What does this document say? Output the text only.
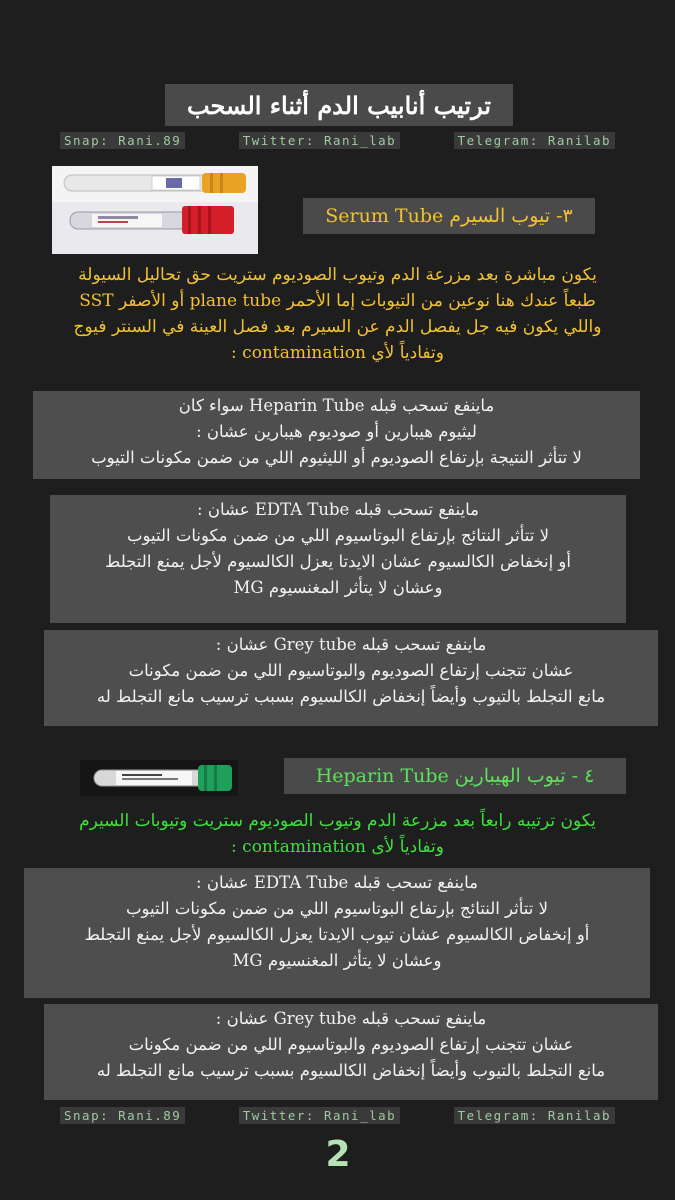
ترتيب أنابيب الدم أثناء السحب
Snap: Rani.89	Twitter: Rani_lab	Telegram: Ranilab
٣- تيوب السيرم Serum Tube
يكون مباشرة بعد مزرعة الدم وتيوب الصوديوم ستريت حق تحاليل السيولة
طبعاً عندك هنا نوعين من التيوبات إما الأحمر plane tube أو الأصفر SST
واللي يكون فيه جل يفصل الدم عن السيرم بعد فصل العينة في السنتر فيوج
وتفادياً لأي contamination :
ماينفع تسحب قبله Heparin Tube سواء كان
ليثيوم هيبارين أو صوديوم هيبارين عشان :
لا تتأثر النتيجة بإرتفاع الصوديوم أو الليثيوم اللي من ضمن مكونات التيوب
ماينفع تسحب قبله EDTA Tube عشان :
لا تتأثر النتائج بإرتفاع البوتاسيوم اللي من ضمن مكونات التيوب
أو إنخفاض الكالسيوم عشان الايدتا يعزل الكالسيوم لأجل يمنع التجلط
وعشان لا يتأثر المغنسيوم MG
ماينفع تسحب قبله Grey tube عشان :
عشان تتجنب إرتفاع الصوديوم والبوتاسيوم اللي من ضمن مكونات
مانع التجلط بالتيوب وأيضاً إنخفاض الكالسيوم بسبب ترسيب مانع التجلط له
٤ - تيوب الهيبارين Heparin Tube
يكون ترتيبه رابعاً بعد مزرعة الدم وتيوب الصوديوم ستريت وتيوبات السيرم
وتفادياً لأى contamination :
ماينفع تسحب قبله EDTA Tube عشان :
لا تتأثر النتائج بإرتفاع البوتاسيوم اللي من ضمن مكونات التيوب
أو إنخفاض الكالسيوم عشان تيوب الايدتا يعزل الكالسيوم لأجل يمنع التجلط
وعشان لا يتأثر المغنسيوم MG
ماينفع تسحب قبله Grey tube عشان :
عشان تتجنب إرتفاع الصوديوم والبوتاسيوم اللي من ضمن مكونات
مانع التجلط بالتيوب وأيضاً إنخفاض الكالسيوم بسبب ترسيب مانع التجلط له
Snap: Rani.89	Twitter: Rani_lab	Telegram: Ranilab
2
